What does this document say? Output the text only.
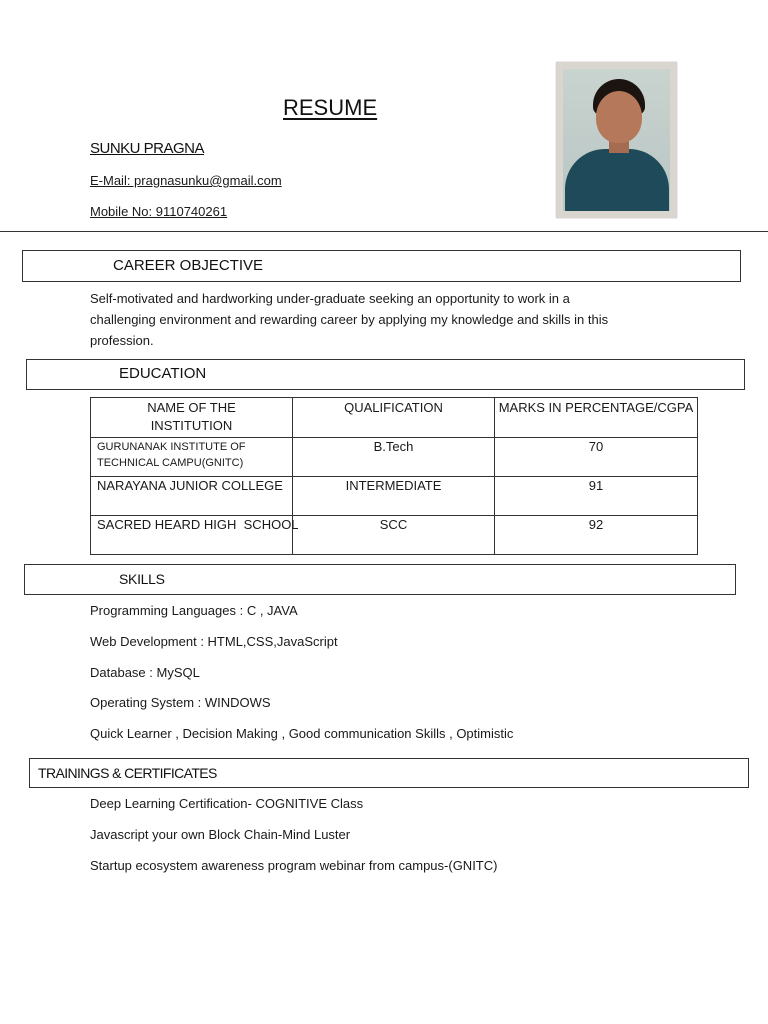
RESUME
SUNKU PRAGNA
E-Mail: pragnasunku@gmail.com
Mobile No: 9110740261
CAREER OBJECTIVE
Self-motivated and hardworking under-graduate seeking an opportunity to work in a
challenging environment and rewarding career by applying my knowledge and skills in this
profession.
EDUCATION
NAME OF THE INSTITUTION	QUALIFICATION	MARKS IN PERCENTAGE/CGPA
GURUNANAK INSTITUTE OF TECHNICAL CAMPU(GNITC)	B.Tech	70
NARAYANA JUNIOR COLLEGE	INTERMEDIATE	91
SACRED HEARD HIGH  SCHOOL	SCC	92
SKILLS
Programming Languages : C , JAVA
Web Development : HTML,CSS,JavaScript
Database : MySQL
Operating System : WINDOWS
Quick Learner , Decision Making , Good communication Skills , Optimistic
TRAININGS & CERTIFICATES
Deep Learning Certification- COGNITIVE Class
Javascript your own Block Chain-Mind Luster
Startup ecosystem awareness program webinar from campus-(GNITC)
